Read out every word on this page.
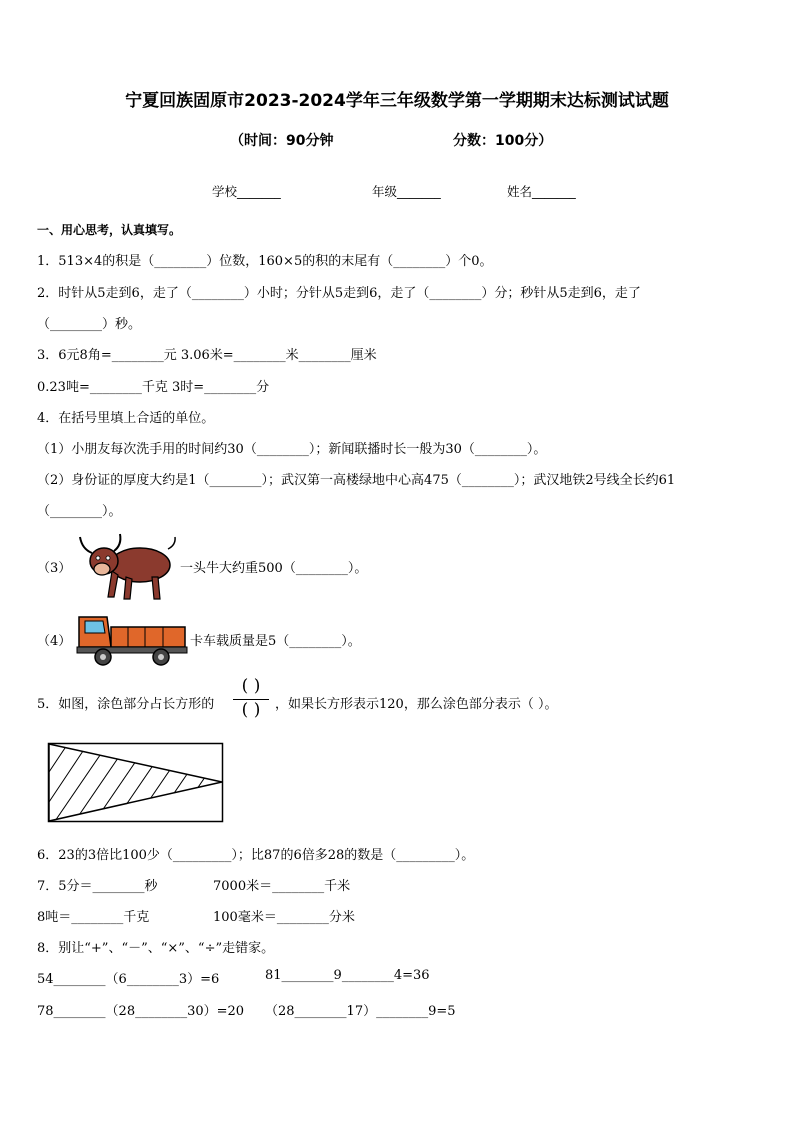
宁夏回族固原市2023-2024学年三年级数学第一学期期末达标测试试题
（时间：90分钟	分数：100分）
学校_______	年级_______	姓名_______
一、用心思考，认真填写。
1．513×4的积是（________）位数，160×5的积的末尾有（________）个0。
2．时针从5走到6，走了（________）小时；分针从5走到6，走了（________）分；秒针从5走到6，走了
（________）秒。
3．6元8角=________元 3.06米=________米________厘米
0.23吨=________千克 3时=________分
4．在括号里填上合适的单位。
（1）小朋友每次洗手用的时间约30（________）；新闻联播时长一般为30（________）。
（2）身份证的厚度大约是1（________）；武汉第一高楼绿地中心高475（________）；武汉地铁2号线全长约61
（________）。
（3）	一头牛大约重500（________）。
（4）	卡车载质量是5（________）。
5．如图，涂色部分占长方形的
( )
( )	，如果长方形表示120，那么涂色部分表示（ ）。
6．23的3倍比100少（_________）；比87的6倍多28的数是（_________）。
7．5分＝________秒	7000米＝________千米
8吨＝________千克	100毫米＝________分米
8．别让“+”、“－”、“×”、“÷”走错家。
54________（6________3）=6	81________9________4=36
78________（28________30）=20 （28________17）________9=5
